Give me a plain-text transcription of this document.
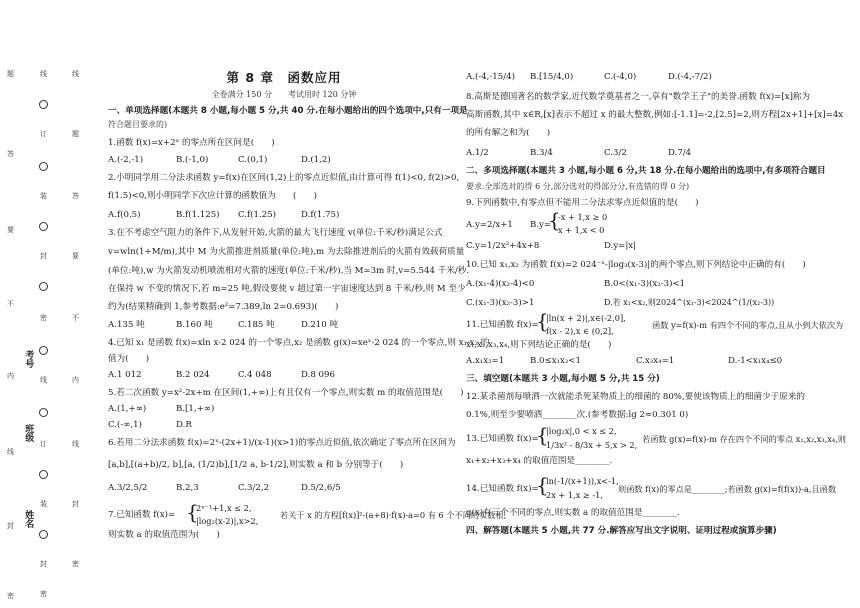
题
答
要
不
内
线
封
密
姓名
班级
考号
线
订
装
封
密
线
订
装
封
密
线
题
答
要
不
内
线
封
密
第 8 章　函数应用
全卷满分 150 分　　考试用时 120 分钟
一、单项选择题(本题共 8 小题,每小题 5 分,共 40 分.在每小题给出的四个选项中,只有一项是
符合题目要求的)
1.函数 f(x)=x+2ˣ 的零点所在区间是(　　)
A.(-2,-1)	B.(-1,0)	C.(0,1)	D.(1,2)
2.小明同学用二分法求函数 y=f(x)在区间(1,2)上的零点近似值,由计算可得 f(1)<0, f(2)>0,
f(1.5)<0,则小明同学下次应计算的函数值为　　(　　)
A.f(0.5)	B.f(1.125) C.f(1.25)	D.f(1.75)
3.在不考虑空气阻力的条件下,从发射开始,火箭的最大飞行速度 v(单位:千米/秒)满足公式
v=wln(1+M/m),其中 M 为火箭推进剂质量(单位:吨),m 为去除推进剂后的火箭有效载荷质量
(单位:吨),w 为火箭发动机喷流相对火箭的速度(单位:千米/秒).当 M=3m 时,v=5.544 千米/秒.
在保持 w 不变的情况下,若 m=25 吨,假设要使 v 超过第一宇宙速度达到 8 千米/秒,则 M 至少
约为(结果精确到 1,参考数据:e²=7.389,ln 2=0.693)(　　)
A.135 吨	B.160 吨	C.185 吨	D.210 吨
4.已知 x₁ 是函数 f(x)=xln x-2 024 的一个零点,x₂ 是函数 g(x)=xeˣ-2 024 的一个零点,则 x₁·x₂ 的
值为(　　)
A.1 012	B.2 024	C.4 048	D.8 096
5.若二次函数 y=x²-2x+m 在区间(1,+∞)上有且仅有一个零点,则实数 m 的取值范围是(　　)
A.(1,+∞)	B.[1,+∞)
C.(-∞,1)	D.R
6.若用二分法求函数 f(x)=2ˣ-(2x+1)/(x-1)(x>1)的零点近似值,依次确定了零点所在区间为
[a,b],[(a+b)/2, b],[a, (1/2)b],[1/2 a, b-1/2],则实数 a 和 b 分别等于(　　)
A.3/2,5/2	B.2,3	C.3/2,2	D.5/2,6/5
7.已知函数 f(x)= {
2ˣ⁻¹+1,x ≤ 2,
|log₂(x-2)|,x>2,
若关于 x 的方程[f(x)]²-(a+8)·f(x)-a=0 有 6 个不同的实数根,
则实数 a 的取值范围为(　　)
A.(-4,-15/4) B.[15/4,0)	C.(-4,0)	D.(-4,-7/2)
8.高斯是德国著名的数学家,近代数学奠基者之一,享有"数学王子"的美誉.函数 f(x)=[x]称为
高斯函数,其中 x∈R,[x]表示不超过 x 的最大整数,例如:[-1.1]=-2,[2.5]=2,则方程[2x+1]+[x]=4x
的所有解之和为(　　)
A.1/2	B.3/4	C.3/2	D.7/4
二、多项选择题(本题共 3 小题,每小题 6 分,共 18 分.在每小题给出的选项中,有多项符合题目
要求.全部选对的得 6 分,部分选对的得部分分,有选错的得 0 分)
9.下列函数中,有零点但不能用二分法求零点近似值的是(　　)
A.y=2/x+1 B.y=
{
-x + 1,x ≥ 0
x + 1,x < 0
C.y=1/2x²+4x+8	D.y=|x|
10.已知 x₁,x₂ 为函数 f(x)=2 024⁻ˣ-|log₃(x-3)|的两个零点,则下列结论中正确的有(　　)
A.(x₁-4)(x₂-4)<0	B.0<(x₁-3)(x₂-3)<1
C.(x₁-3)(x₂-3)>1	D.若 x₁<x₂,则2024^(x₁-3)<2024^(1/(x₂-3))
11.已知函数 f(x)=
{
|ln(x + 2)|,x∈(-2,0],
f(x - 2),x ∈ (0,2],
函数 y=f(x)-m 有四个不同的零点,且从小到大依次为
x₁,x₂,x₃,x₄,则下列结论正确的是(　　)
A.x₁x₂=1	B.0≤x₁x₂<1	C.x₃x₄=1	D.-1<x₁x₄≤0
三、填空题(本题共 3 小题,每小题 5 分,共 15 分)
12.某杀菌剂每喷洒一次就能杀死某物质上的细菌的 80%,要使该物质上的细菌少于原来的
0.1%,则至少要喷洒________次.(参考数据:lg 2≈0.301 0)
13.已知函数 f(x)=
{
|log₂x|,0 < x ≤ 2,
1/3x² - 8/3x + 5,x > 2,
若函数 g(x)=f(x)-m 存在四个不同的零点 x₁,x₂,x₃,x₄,则
x₁+x₂+x₃+x₄ 的取值范围是________.
14.已知函数 f(x)=
{
ln(-1/(x+1)),x<-1,
2x + 1,x ≥ -1,
则函数 f(x)的零点是________;若函数 g(x)=f(f(x))-a,且函数
g(x)有三个不同的零点,则实数 a 的取值范围是________.
四、解答题(本题共 5 小题,共 77 分.解答应写出文字说明、证明过程或演算步骤)
